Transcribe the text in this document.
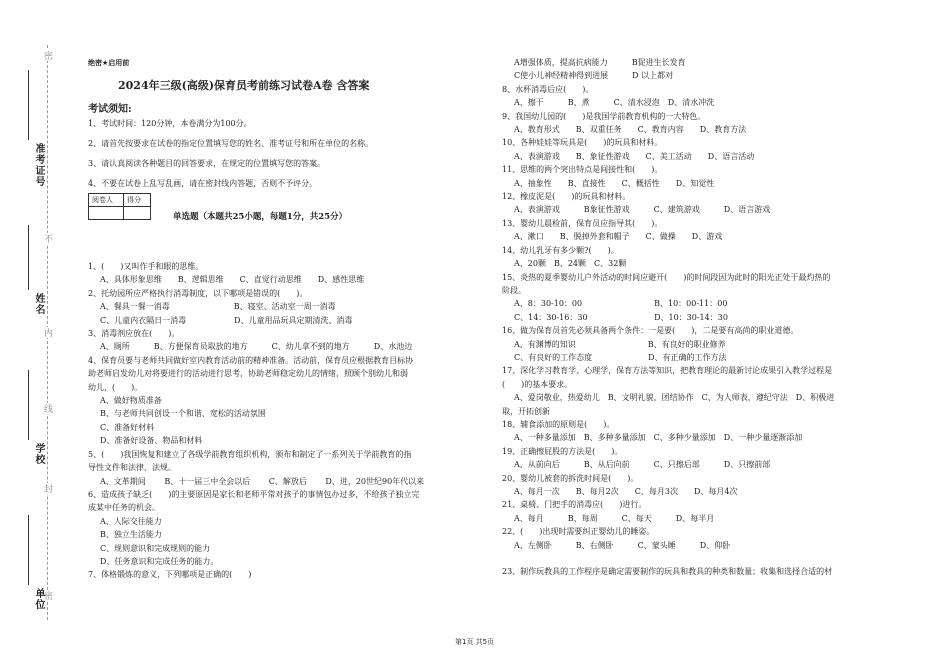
密
不
内
线
封
密
准考证号
姓名
学校
单位
绝密★启用前
2024年三级(高级)保育员考前练习试卷A卷 含答案
考试须知:
1、考试时间：120分钟，本卷满分为100分。
2、请首先按要求在试卷的指定位置填写您的姓名、准考证号和所在单位的名称。
3、请认真阅读各种题目的回答要求，在规定的位置填写您的答案。
4、不要在试卷上乱写乱画，请在密封线内答题，否则不予评分。
阅卷人	得分

单选题（本题共25小题，每题1分，共25分）
1、(　　)又叫作手和眼的思维。
A、具体形象思维　　B、逻辑思维　　C、直觉行动思维　　D、感性思维
2、托幼园所应严格执行消毒制度，以下哪项是错误的(　　)。
A、餐具一餐一消毒　　　　　　　　B、寝室、活动室一周一消毒
C、儿童内衣隔日一消毒　　　　　　D、儿童用品玩具定期清洗、消毒
3、消毒剂应放在(　　)。
A、厕所　　　B、方便保育员取放的地方　　　C、幼儿拿不到的地方　　　D、水池边
4、保育员要与老师共同做好室内教育活动前的精神准备。活动前，保育员应根据教育目标协
助老师启发幼儿对将要进行的活动进行思考，协助老师稳定幼儿的情绪，照顾个别幼儿和弱
幼儿，(　　)。
A、做好物质准备
B、与老师共同创设一个和谐、宽松的活动氛围
C、准备好材料
D、准备好设备、物品和材料
5、(　　)我国恢复和建立了各级学前教育组织机构，颁布和制定了一系列关于学前教育的指
导性文件和法律、法规。
A、文革期间　　 B、十一届三中全会以后　　 C、解放后　　 D、进，20世纪90年代以来
6、造成孩子缺乏(　　)的主要原因是家长和老师平常对孩子的事情包办过多，不给孩子独立完
成某中任务的机会。
A、人际交往能力
B、独立生活能力
C、规则意识和完成规则的能力
D、任务意识和完成任务的能力。
7、体格锻炼的意义，下列哪项是正确的(　　)
A增强体质，提高抗病能力　　　B促进生长发育
C使小儿神经精神得到进展　　　D 以上都对
8、水杯消毒后应(　　)。
A、擦干　　　B、煮　　　C、清水浸泡　D、清水冲洗
9、我国幼儿园的(　　)是我国学前教育机构的一大特色。
A、教育形式　　B、双重任务　　C、教育内容　　D、教育方法
10、各种娃娃等玩具是(　　)的玩具和材料。
A、表演游戏　　B、象征性游戏　　C、美工活动　　D、语言活动
11、思维的两个突出特点是间接性和(　　)。
A、抽象性　　B、直接性　　C、概括性　　D、知觉性
12、橡皮泥是(　　)的玩具和材料。
A、表演游戏　　　B象征性游戏　　　C、建筑游戏　　　D、语言游戏
13、婴幼儿晨检前，保育员应指导其(　　)。
A、漱口　　B、脱掉外套和帽子　　C、做操　　D、游戏
14、幼儿乳牙有多少颗?(　　)。
A、20颗　B、24颗　C、32颗
15、炎热的夏季婴幼儿户外活动的时间应避开(　　)的时间段因为此时的阳光正处于最灼热的
阶段。
A、8：30-10：00　　　　　　　　　B、10：00-11：00
C、14：30-16：30　　　　　　　　 D、10：30-14：30
16、做为保育员首先必须具备两个条件：一是要(　　)，二是要有高尚的职业道德。
A、有渊博的知识　　　　　　　　　B、有良好的职业修养
C、有良好的工作态度　　　　　　　D、有正确的工作方法
17、深化学习教育学、心理学，保育方法等知识，把教育理论的最新讨论成果引入教学过程是
(　　)的基本要求。
A、爱岗敬业，热爱幼儿　B、文明礼貌，团结协作　C、为人师表，遵纪守法　D、积极进
取，开拓创新
18、辅食添加的原则是(　　)。
A、一种多量添加　B、多种多量添加　C、多种少量添加　D、一种少量逐渐添加
19、正确擦屁股的方法是(　　)。
A、从前向后　　　B、从后向前　　　C、只擦后部　　　D、只擦前部
20、婴幼儿被套的拆洗时间是(　　)。
A、每月一次　　B、每月2次　　C、每月3次　　D、每月4次
21、桌椅、门把手的消毒应(　　)进行。
A、每月　　　B、每周　　　C、每天　　　D、每半月
22、(　　)出现时需要纠正婴幼儿的睡姿。
A、左侧卧　　　B、右侧卧　　　C、蒙头睡　　　D、仰卧

23、制作玩教具的工作程序是确定需要制作的玩具和教具的种类和数量；收集和选择合适的材
第1页 共5页
